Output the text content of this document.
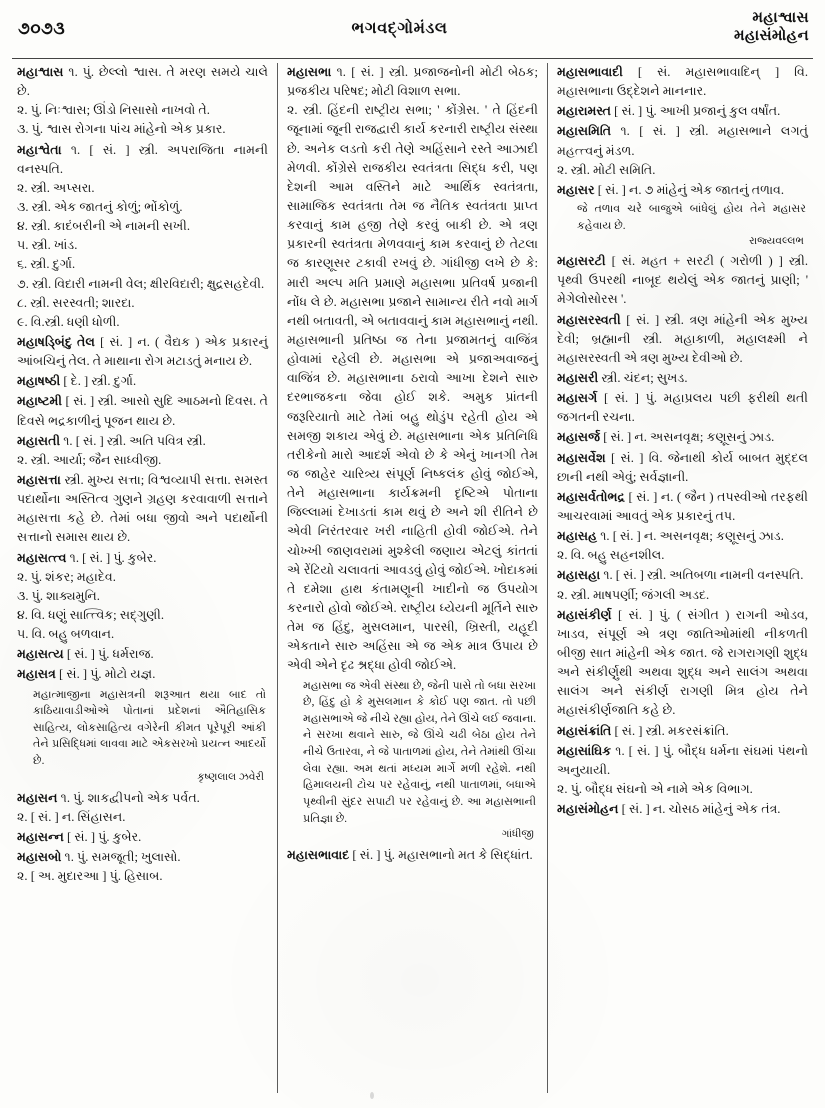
૭૦૭૩	ભગવદ્ગોમંડલ
મહાશ્વાસ
મહાસંમોહન

મહાશ્વાસ ૧. પું. છેલ્લો શ્વાસ. તે મરણ સમયે ચાલે છે.

૨. પું. નિઃશ્વાસ; ઊંડો નિસાસો નાખવો તે.

૩. પું. શ્વાસ રોગના પાંચ માંહેનો એક પ્રકાર.

મહાશ્વેતા ૧. [ સં. ] સ્ત્રી. અપરાજિતા નામની વનસ્પતિ.

૨. સ્ત્રી. અપ્સરા.

૩. સ્ત્રી. એક જાતનું કોળું; ભોંકોળું.

૪. સ્ત્રી. કાદંબરીની એ નામની સખી.

૫. સ્ત્રી. ખાંડ.

૬. સ્ત્રી. દુર્ગા.

૭. સ્ત્રી. વિદારી નામની વેલ; ક્ષીરવિદારી; ક્ષુદ્રસહદેવી.

૮. સ્ત્રી. સરસ્વતી; શારદા.

૯. વિ.સ્ત્રી. ધણી ધોળી.

મહાષડ્બિંદુ તેલ [ સં. ] ન. ( વૈદ્યક ) એક પ્રકારનું આંબચિનું તેલ. તે માથાના રોગ મટાડતું મનાય છે.

મહાષષ્ઠી [ દે. ] સ્ત્રી. દુર્ગા.

મહાષ્ટમી [ સં. ] સ્ત્રી. આસો સુદિ આઠમનો દિવસ. તે દિવસે ભદ્રકાળીનું પૂજન થાય છે.

મહાસતી ૧. [ સં. ] સ્ત્રી. અતિ પવિત્ર સ્ત્રી.

૨. સ્ત્રી. આર્યા; જૈન સાધ્વીજી.

મહાસત્તા સ્ત્રી. મુખ્ય સત્તા; વિશ્વવ્યાપી સત્તા. સમસ્ત પદાર્થોના અસ્તિત્વ ગુણને ગ્રહણ કરવાવાળી સત્તાને મહાસત્તા કહે છે. તેમાં બધા જીવો અને પદાર્થોની સત્તાનો સમાસ થાય છે.

મહાસત્ત્વ ૧. [ સં. ] પું. કુબેર.

૨. પું. શંકર; મહાદેવ.

૩. પું. શાક્યમુનિ.

૪. વિ. ધણું સાત્ત્વિક; સદ્‌ગુણી.

૫. વિ. બહુ બળવાન.

મહાસત્ય [ સં. ] પું. ધર્મરાજ.

મહાસત્ર [ સં. ] પું. મોટો યજ્ઞ.

મહાત્માજીના મહાસત્રની શરૂઆત થયા બાદ તો કાઠિયાવાડીઓએ પોતાનાં પ્રદેશનાં ઐતિહાસિક સાહિત્ય, લોકસાહિત્ય વગેરેની કીમત પૂરેપૂરી આંકી તેને પ્રસિદ્ધિમાં લાવવા માટે એકસરખો પ્રયત્ન આદર્યો છે.
કૃષ્ણલાલ ઝવેરી

મહાસન ૧. પું. શાકદ્વીપનો એક પર્વત.

૨. [ સં. ] ન. સિંહાસન.

મહાસન્ન [ સં. ] પું. કુબેર.

મહાસબો ૧. પું. સમજૂતી; ખુલાસો.

૨. [ અ. મુદારઆ ] પું. હિસાબ.

મહાસભા ૧. [ સં. ] સ્ત્રી. પ્રજાજનોની મોટી બેઠક; પ્રજકીય પરિષદ; મોટી વિશાળ સભા.

૨. સ્ત્રી. હિંદની રાષ્ટ્રીય સભા; ' કોંગ્રેસ. ' તે હિંદની જૂનામાં જૂની રાજદ્વારી કાર્ય કરનારી રાષ્ટ્રીય સંસ્થા છે. અનેક લડતો કરી તેણે અહિંસાને રસ્તે આઝાદી મેળવી. કોંગ્રેસે રાજકીય સ્વતંત્રતા સિદ્ધ કરી, પણ દેશની આમ વસ્તિને માટે આર્થિક સ્વતંત્રતા, સામાજિક સ્વતંત્રતા તેમ જ નૈતિક સ્વતંત્રતા પ્રાપ્ત કરવાનું કામ હજી તેણે કરવું બાકી છે. એ ત્રણ પ્રકારની સ્વતંત્રતા મેળવવાનું કામ કરવાનું છે તેટલા જ કારણૂસર ટકાવી રખવું છે. ગાંધીજી લખે છે કે: મારી અલ્પ મતિ પ્રમાણે મહાસભા પ્રતિવર્ષ પ્રજાની નોંધ લે છે. મહાસભા પ્રજાને સામાન્ય રીતે નવો માર્ગ નથી બતાવતી, એ બતાવવાનું કામ મહાસભાનું નથી. મહાસભાની પ્રતિષ્ઠા જ તેના પ્રજામતનું વાજિંત્ર હોવામાં રહેલી છે. મહાસભા એ પ્રજાઅવાજનું વાજિંત્ર છે. મહાસભાના ઠરાવો આખા દેશને સારુ દરભાજકના જેવા હોઈ શકે. અમુક પ્રાંતની જરૂરિયાતો માટે તેમાં બહુ થોડુંપ રહેતી હોય એ સમજી શકાય એવું છે. મહાસભાના એક પ્રતિનિધિ તરીકેનો મારો આદર્શ એવો છે કે એનું ખાનગી તેમ જ જાહેર ચારિત્ર્ય સંપૂર્ણ નિષ્કલંક હોવું જોઈએ, તેને મહાસભાના કાર્યક્રમની દૃષ્ટિએ પોતાના જિલ્લામાં દેખાડતાં કામ થવું છે અને શી રીતિને છે એવી નિરંતરવાર ખરી નાહિતી હોવી જોઈએ. તેને ચોખ્ખી જાણવરામાં મુશ્કેલી જણાય એટલું કાંતતાં એ રેંટિયો ચલાવતાં આવડવું હોવું જોઈએ. ખોદાકમાં તે દમેશા હાથ કંતામણૂની ખાદીનો જ ઉપયોગ કરનારો હોવો જોઈએ. રાષ્ટ્રીય ધ્યેયની મૂર્તિને સારુ તેમ જ હિંદુ, મુસલમાન, પારસી, ખ્રિસ્તી, યહૂદી એકતાને સારુ અહિંસા એ જ એક માત્ર ઉપાય છે એવી એને દૃઢ શ્રદ્ધા હોવી જોઈએ.

મહાસભા જ એવી સંસ્થા છે, જેની પાસે તો બધા સરખા છે, હિંદુ હો કે મુસલમાન કે કોઈ પણ જાત. તો પછી મહાસભાએ જે નીચે રહ્યા હોય, તેને ઊંચે લઈ જવાના. ને સરખા થવાને સારુ, જે ઊંચે ચઢી બેઠા હોય તેને નીચે ઉતારવા, ને જે પાતાળમાં હોય, તેને તેમાંથી ઊંચા લેવા રહ્યા. અમ થતાં મધ્યમ માર્ગે મળી રહેશે. નથી હિમાલયની ટોચ પર રહેવાનું, નથી પાતાળમાં, બધાએ પૃથ્વીની સુંદર સપાટી પર રહેવાનું છે. આ મહાસભાની પ્રતિજ્ઞા છે.
ગાંધીજી

મહાસભાવાદ [ સં. ] પું. મહાસભાનો મત કે સિદ્ધાંત.

મહાસભાવાદી [ સં. મહાસભાવાદિન્ ] વિ. મહાસભાના ઉદ્દેશને માનનાર.

મહારામસ્ત [ સં. ] પું. આખી પ્રજાનું કુલ વર્ષાંત.

મહાસમિતિ ૧. [ સં. ] સ્ત્રી. મહાસભાને લગતું મહત્ત્વનું મંડળ.

૨. સ્ત્રી. મોટી સમિતિ.

મહાસર [ સં. ] ન. ૭ માંહેનું એક જાતનું તળાવ.

જે તળાવ ચરે બાજુએ બાંધેલું હોય તેને મહાસર કહેવાય છે.
રાજ્યવલ્લભ

મહાસરટી [ સં. મહત + સરટી ( ગરોળી ) ] સ્ત્રી. પૃથ્વી ઉપરથી નાબૂદ થયેલું એક જાતનું પ્રાણી; ' મેગેલોસોરસ '.

મહાસરસ્વતી [ સં. ] સ્ત્રી. ત્રણ માંહેની એક મુખ્ય દેવી; બ્રહ્માની સ્ત્રી. મહાકાળી, મહાલક્ષ્મી ને મહાસરસ્વતી એ ત્રણ મુખ્ય દેવીઓ છે.

મહાસરી સ્ત્રી. ચંદન; સુખડ.

મહાસર્ગ [ સં. ] પું. મહાપ્રલય પછી ફરીથી થતી જગતની રચના.

મહાસર્જ [ સં. ] ન. અસનવૃક્ષ; કણૂસનું ઝાડ.

મહાસર્વેશ [ સં. ] વિ. જેનાથી કોર્ય બાબત મુદ્દલ છાની નથી એવું; સર્વજ્ઞાની.

મહાસર્વતોભદ્ર [ સં. ] ન. ( જૈન ) તપસ્વીઓ તરફથી આચરવામાં આવતું એક પ્રકારનું તપ.

મહાસહ ૧. [ સં. ] ન. અસનવૃક્ષ; કણૂસનું ઝાડ.

૨. વિ. બહુ સહનશીલ.

મહાસહા ૧. [ સં. ] સ્ત્રી. અતિબળા નામની વનસ્પતિ.

૨. સ્ત્રી. માષપર્ણી; જંગલી અડદ.

મહાસંકીર્ણ [ સં. ] પું. ( સંગીત ) રાગની ઓડવ, ખાડવ, સંપૂર્ણ એ ત્રણ જાતિઓમાંથી નીકળતી બીજી સાત માંહેની એક જાત. જે રાગરાગણી શુદ્ધ અને સંકીર્ણુથી અથવા શુદ્ધ અને સાલંગ અથવા સાલંગ અને સંકીર્ણ રાગણી મિત્ર હોય તેને મહાસંકીર્ણજાતિ કહે છે.

મહાસંક્રાંતિ [ સં. ] સ્ત્રી. મકરસંક્રાંતિ.

મહાસાંઘિક ૧. [ સં. ] પું. બૌદ્ધ ધર્મના સંઘમાં પંથનો અનુયાયી.

૨. પું. બૌદ્ધ સંઘનો એ નામે એક વિભાગ.

મહાસંમોહન [ સં. ] ન. ચોસઠ માંહેનું એક તંત્ર.
